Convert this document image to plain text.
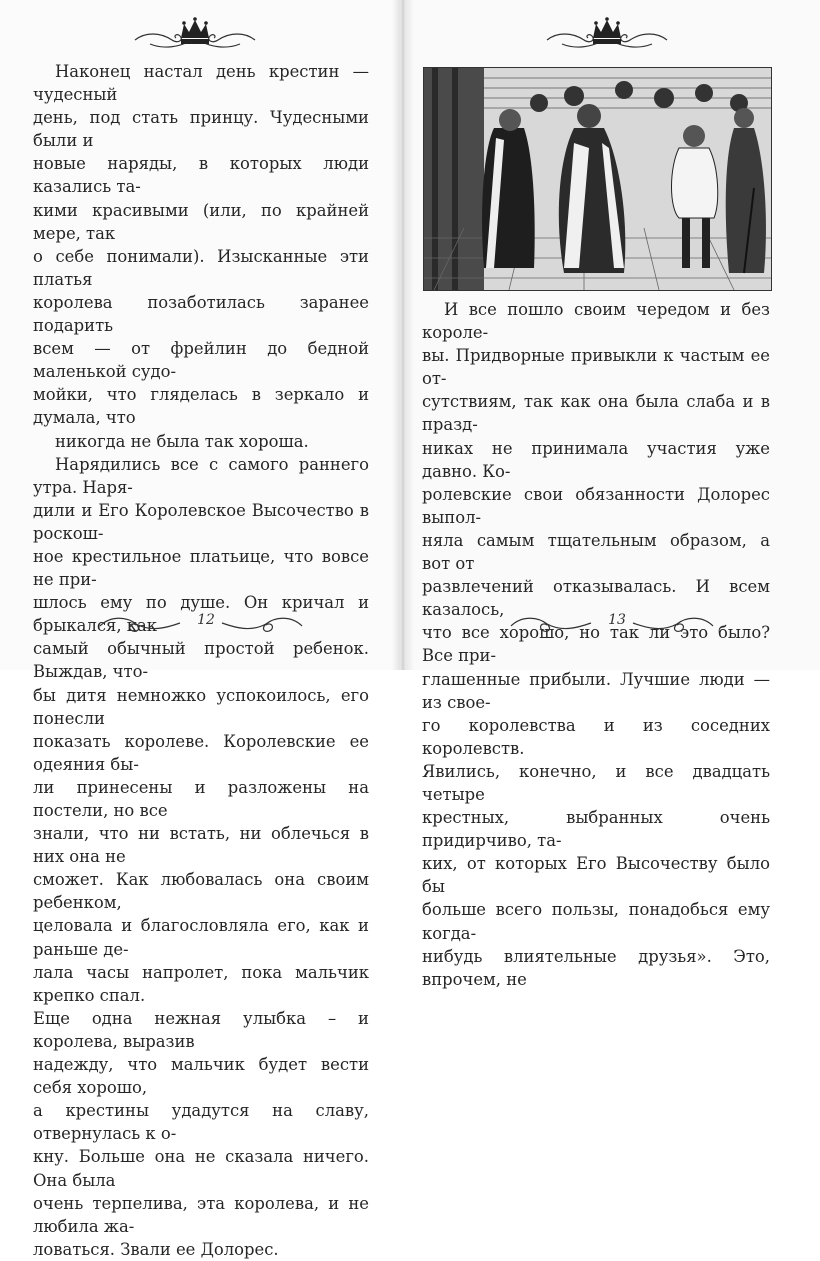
Наконец настал день крестин — чудесный

день, под стать принцу. Чудесными были и

новые наряды, в которых люди казались та-

кими красивыми (или, по крайней мере, так

о себе понимали). Изысканные эти платья

королева позаботилась заранее подарить

всем — от фрейлин до бедной маленькой судо-

мойки, что гляделась в зеркало и думала, что

никогда не была так хороша.

Нарядились все с самого раннего утра. Наря-

дили и Его Королевское Высочество в роскош-

ное крестильное платьице, что вовсе не при-

шлось ему по душе. Он кричал и брыкался, как

самый обычный простой ребенок. Выждав, что-

бы дитя немножко успокоилось, его понесли

показать королеве. Королевские ее одеяния бы-

ли принесены и разложены на постели, но все

знали, что ни встать, ни облечься в них она не

сможет. Как любовалась она своим ребенком,

целовала и благословляла его, как и раньше де-

лала часы напролет, пока мальчик крепко спал.

Еще одна нежная улыбка – и королева, выразив

надежду, что мальчик будет вести себя хорошо,

а крестины удадутся на славу, отвернулась к о-

кну. Больше она не сказала ничего. Она была

очень терпелива, эта королева, и не любила жа-

ловаться. Звали ее Долорес.

12

И все пошло своим чередом и без короле-

вы. Придворные привыкли к частым ее от-

сутствиям, так как она была слаба и в празд-

никах не принимала участия уже давно. Ко-

ролевские свои обязанности Долорес выпол-

няла самым тщательным образом, а вот от

развлечений отказывалась. И всем казалось,

что все хорошо, но так ли это было? Все при-

глашенные прибыли. Лучшие люди — из свое-

го королевства и из соседних королевств.

Явились, конечно, и все двадцать четыре

крестных, выбранных очень придирчиво, та-

ких, от которых Его Высочеству было бы

больше всего пользы, понадобься ему когда-

нибудь влиятельные друзья». Это, впрочем, не

13
